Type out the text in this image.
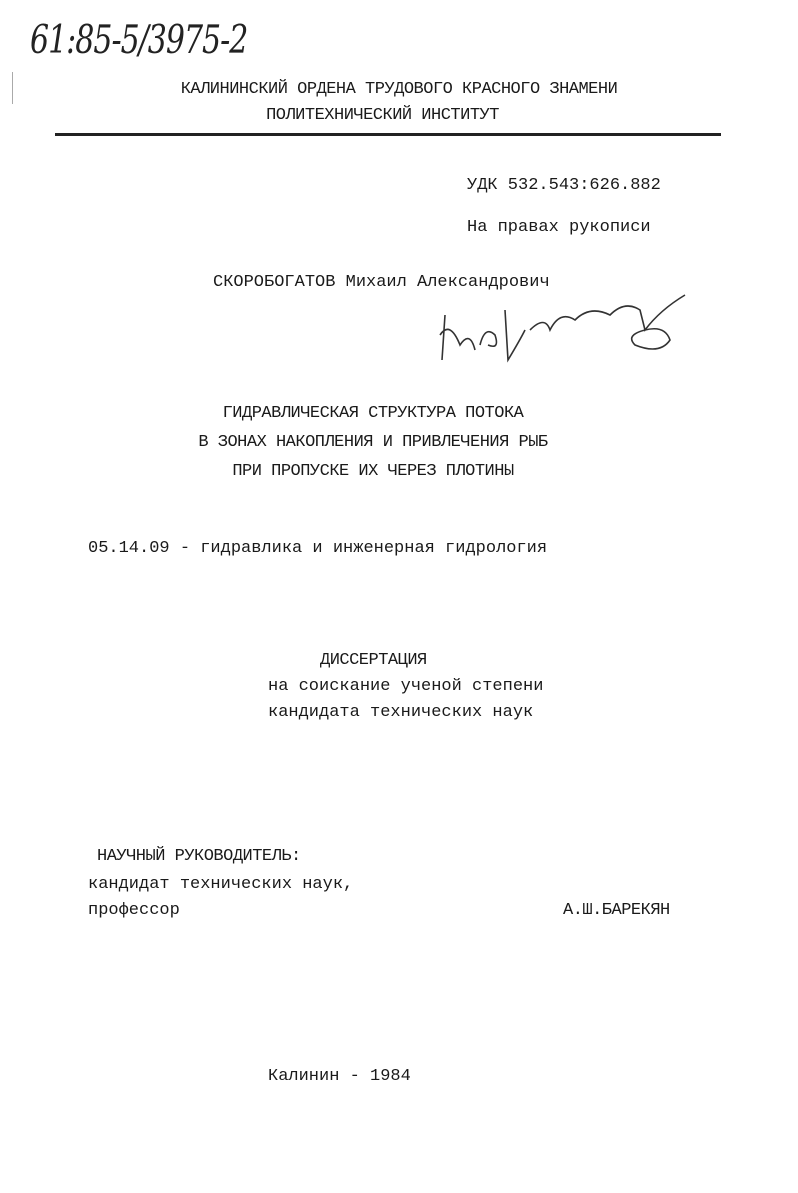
61:85-5/3975-2
КАЛИНИНСКИЙ ОРДЕНА ТРУДОВОГО КРАСНОГО ЗНАМЕНИ
ПОЛИТЕХНИЧЕСКИЙ ИНСТИТУТ
УДК 532.543:626.882
На правах рукописи
СКОРОБОГАТОВ Михаил Александрович
ГИДРАВЛИЧЕСКАЯ СТРУКТУРА ПОТОКА
В ЗОНАХ НАКОПЛЕНИЯ И ПРИВЛЕЧЕНИЯ РЫБ
ПРИ ПРОПУСКЕ ИХ ЧЕРЕЗ ПЛОТИНЫ
05.14.09 - гидравлика и инженерная гидрология
ДИССЕРТАЦИЯ
на соискание ученой степени
кандидата технических наук
НАУЧНЫЙ РУКОВОДИТЕЛЬ:
кандидат технических наук,
профессор	А.Ш.БАРЕКЯН
Калинин - 1984
